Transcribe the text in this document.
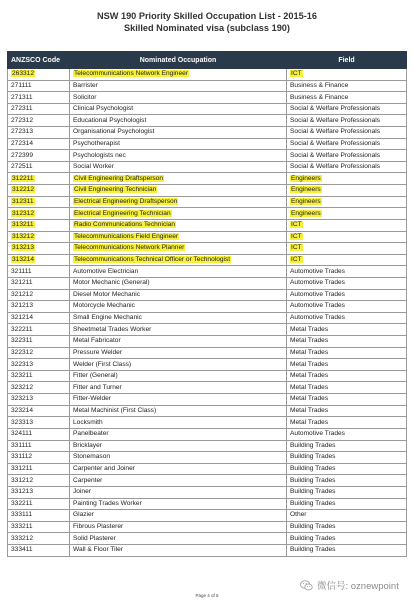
NSW 190 Priority Skilled Occupation List - 2015-16
Skilled Nominated visa (subclass 190)
ANZSCO Code	Nominated Occupation	Field
263312	Telecommunications Network Engineer	ICT
271111	Barrister	Business & Finance
271311	Solicitor	Business & Finance
272311	Clinical Psychologist	Social & Welfare Professionals
272312	Educational Psychologist	Social & Welfare Professionals
272313	Organisational Psychologist	Social & Welfare Professionals
272314	Psychotherapist	Social & Welfare Professionals
272399	Psychologists nec	Social & Welfare Professionals
272511	Social Worker	Social & Welfare Professionals
312211	Civil Engineering Draftsperson	Engineers
312212	Civil Engineering Technician	Engineers
312311	Electrical Engineering Draftsperson	Engineers
312312	Electrical Engineering Technician	Engineers
313211	Radio Communications Technician	ICT
313212	Telecommunications Field Engineer	ICT
313213	Telecommunications Network Planner	ICT
313214	Telecommunications Technical Officer or Technologist	ICT
321111	Automotive Electrician	Automotive Trades
321211	Motor Mechanic (General)	Automotive Trades
321212	Diesel Motor Mechanic	Automotive Trades
321213	Motorcycle Mechanic	Automotive Trades
321214	Small Engine Mechanic	Automotive Trades
322211	Sheetmetal Trades Worker	Metal Trades
322311	Metal Fabricator	Metal Trades
322312	Pressure Welder	Metal Trades
322313	Welder (First Class)	Metal Trades
323211	Fitter (General)	Metal Trades
323212	Fitter and Turner	Metal Trades
323213	Fitter-Welder	Metal Trades
323214	Metal Machinist (First Class)	Metal Trades
323313	Locksmith	Metal Trades
324111	Panelbeater	Automotive Trades
331111	Bricklayer	Building Trades
331112	Stonemason	Building Trades
331211	Carpenter and Joiner	Building Trades
331212	Carpenter	Building Trades
331213	Joiner	Building Trades
332211	Painting Trades Worker	Building Trades
333111	Glazier	Other
333211	Fibrous Plasterer	Building Trades
333212	Solid Plasterer	Building Trades
333411	Wall & Floor Tiler	Building Trades
Page 4 of 5
微信号: oznewpoint
